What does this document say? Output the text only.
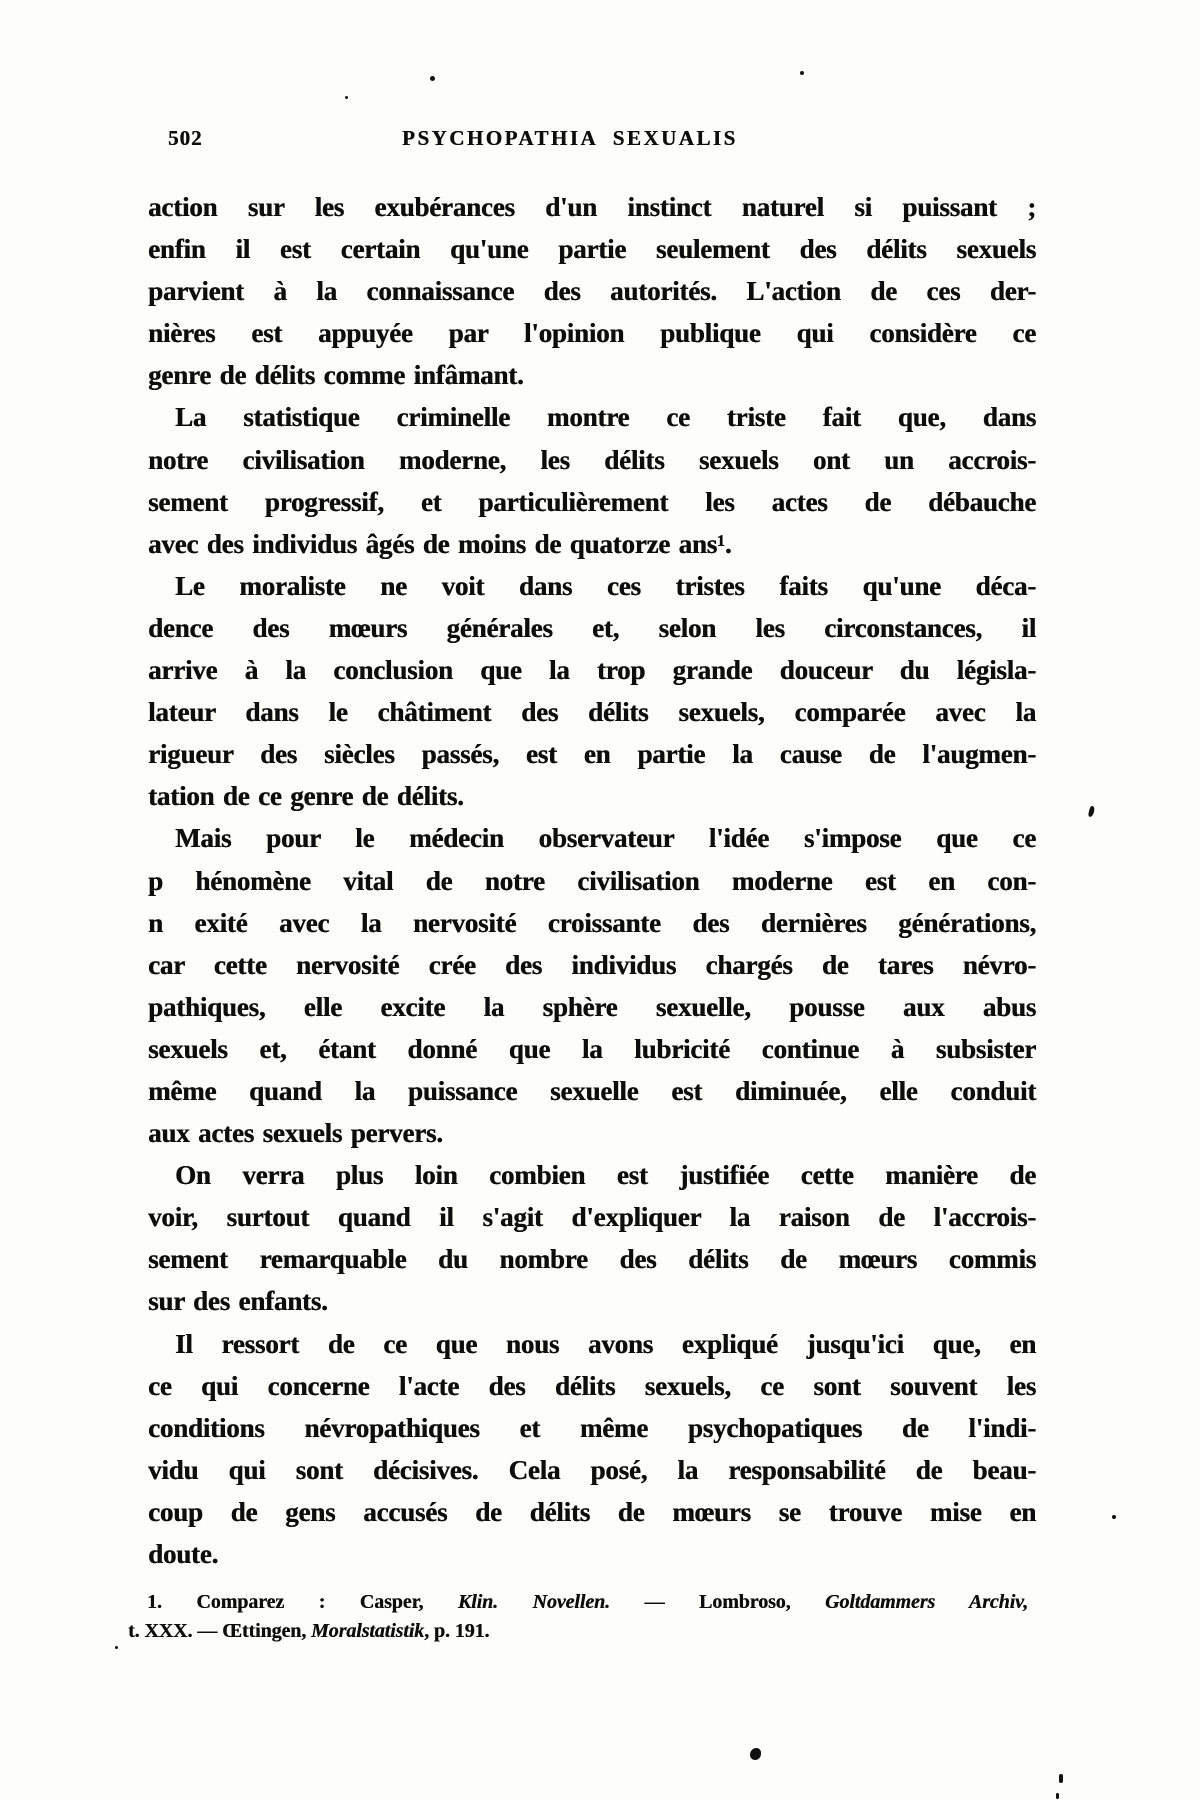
502	PSYCHOPATHIA SEXUALIS
action sur les exubérances d'un instinct naturel si puissant ;
enfin il est certain qu'une partie seulement des délits sexuels
parvient à la connaissance des autorités. L'action de ces der-
nières est appuyée par l'opinion publique qui considère ce
genre de délits comme infâmant.
La statistique criminelle montre ce triste fait que, dans
notre civilisation moderne, les délits sexuels ont un accrois-
sement progressif, et particulièrement les actes de débauche
avec des individus âgés de moins de quatorze ans¹.
Le moraliste ne voit dans ces tristes faits qu'une déca-
dence des mœurs générales et, selon les circonstances, il
arrive à la conclusion que la trop grande douceur du législa-
lateur dans le châtiment des délits sexuels, comparée avec la
rigueur des siècles passés, est en partie la cause de l'augmen-
tation de ce genre de délits.
Mais pour le médecin observateur l'idée s'impose que ce
p hénomène vital de notre civilisation moderne est en con-
n exité avec la nervosité croissante des dernières générations,
car cette nervosité crée des individus chargés de tares névro-
pathiques, elle excite la sphère sexuelle, pousse aux abus
sexuels et, étant donné que la lubricité continue à subsister
même quand la puissance sexuelle est diminuée, elle conduit
aux actes sexuels pervers.
On verra plus loin combien est justifiée cette manière de
voir, surtout quand il s'agit d'expliquer la raison de l'accrois-
sement remarquable du nombre des délits de mœurs commis
sur des enfants.
Il ressort de ce que nous avons expliqué jusqu'ici que, en
ce qui concerne l'acte des délits sexuels, ce sont souvent les
conditions névropathiques et même psychopatiques de l'indi-
vidu qui sont décisives. Cela posé, la responsabilité de beau-
coup de gens accusés de délits de mœurs se trouve mise en
doute.
1. Comparez : Casper, Klin. Novellen. — Lombroso, Goltdammers Archiv,
t. XXX. — Œttingen, Moralstatistik, p. 191.
